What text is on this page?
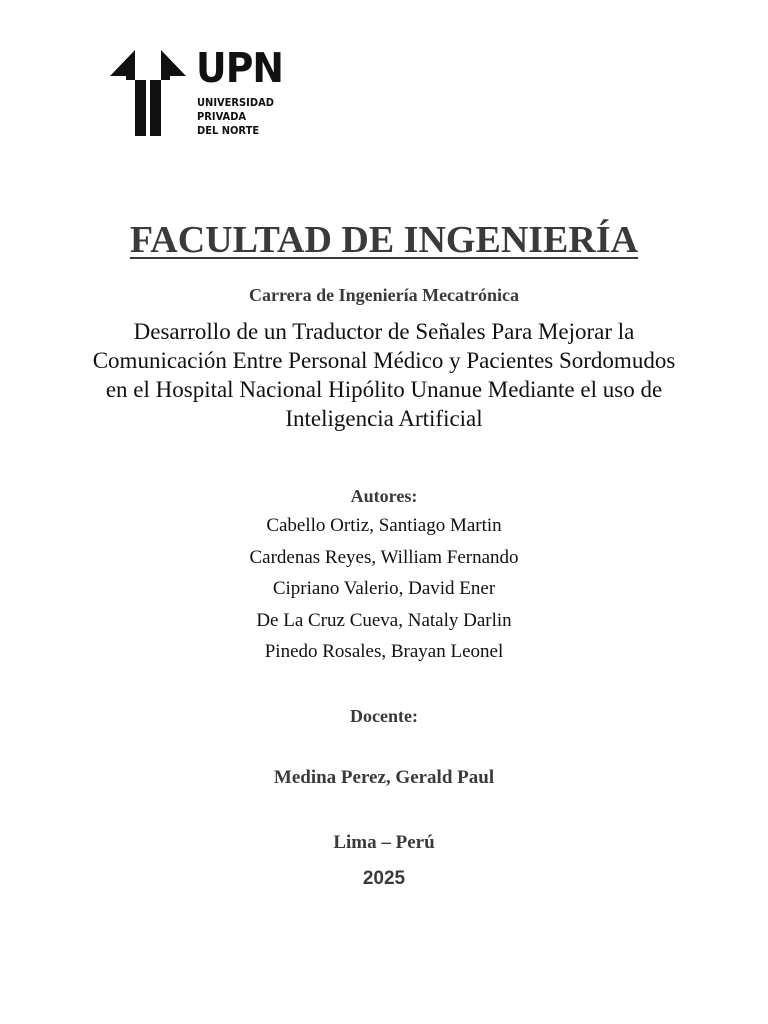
UPN
UNIVERSIDAD
PRIVADA
DEL NORTE
FACULTAD DE INGENIERÍA
Carrera de Ingeniería Mecatrónica
Desarrollo de un Traductor de Señales Para Mejorar la Comunicación Entre Personal Médico y Pacientes Sordomudos en el Hospital Nacional Hipólito Unanue Mediante el uso de Inteligencia Artificial
Autores:
Cabello Ortiz, Santiago Martin
Cardenas Reyes, William Fernando
Cipriano Valerio, David Ener
De La Cruz Cueva, Nataly Darlin
Pinedo Rosales, Brayan Leonel
Docente:
Medina Perez, Gerald Paul
Lima – Perú
2025
